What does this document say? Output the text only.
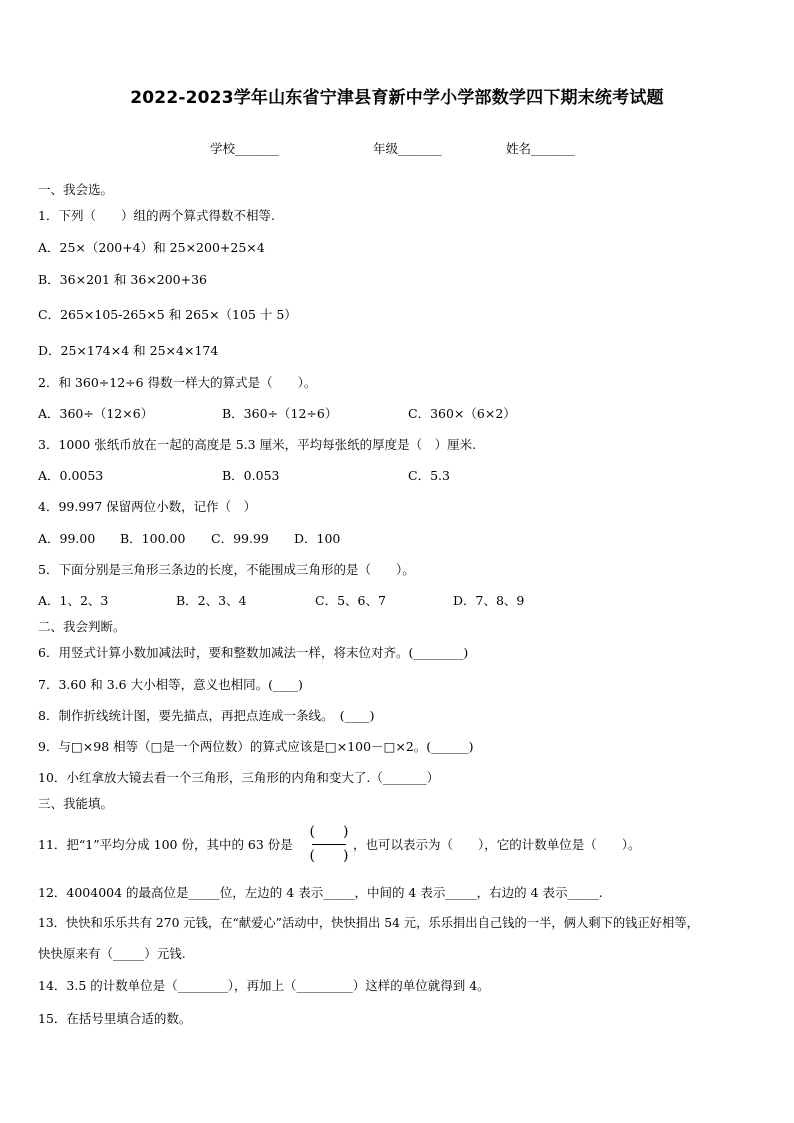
2022-2023学年山东省宁津县育新中学小学部数学四下期末统考试题
学校_______	年级_______	姓名_______
一、我会选。
1．下列（　　）组的两个算式得数不相等.
A．25×（200+4）和 25×200+25×4
B．36×201 和 36×200+36
C．265×105-265×5 和 265×（105 十 5）
D．25×174×4 和 25×4×174
2．和 360÷12÷6 得数一样大的算式是（　　）。
A．360÷（12×6）	B．360÷（12÷6）	C．360×（6×2）
3．1000 张纸币放在一起的高度是 5.3 厘米，平均每张纸的厚度是（　）厘米.
A．0.0053	B．0.053	C．5.3
4．99.997 保留两位小数，记作（　）
A．99.00 B．100.00 C．99.99 D．100
5．下面分别是三角形三条边的长度，不能围成三角形的是（　　）。
A．1、2、3	B．2、3、4	C．5、6、7	D．7、8、9
二、我会判断。
6．用竖式计算小数加减法时，要和整数加减法一样，将末位对齐。(________)
7．3.60 和 3.6 大小相等，意义也相同。(____)
8．制作折线统计图，要先描点，再把点连成一条线。　(____)
9．与□×98 相等（□是一个两位数）的算式应该是□×100－□×2。(______)
10．小红拿放大镜去看一个三角形，三角形的内角和变大了.（_______）
三、我能填。
11．把“1”平均分成 100 份，其中的 63 份是
(　　)
(　　)
，也可以表示为（　　），它的计数单位是（　　）。
12．4004004 的最高位是_____位，左边的 4 表示_____，中间的 4 表示_____，右边的 4 表示_____.
13．快快和乐乐共有 270 元钱，在“献爱心”活动中，快快捐出 54 元，乐乐捐出自己钱的一半，俩人剩下的钱正好相等，
快快原来有（_____）元钱.
14．3.5 的计数单位是（________），再加上（_________）这样的单位就得到 4。
15．在括号里填合适的数。
